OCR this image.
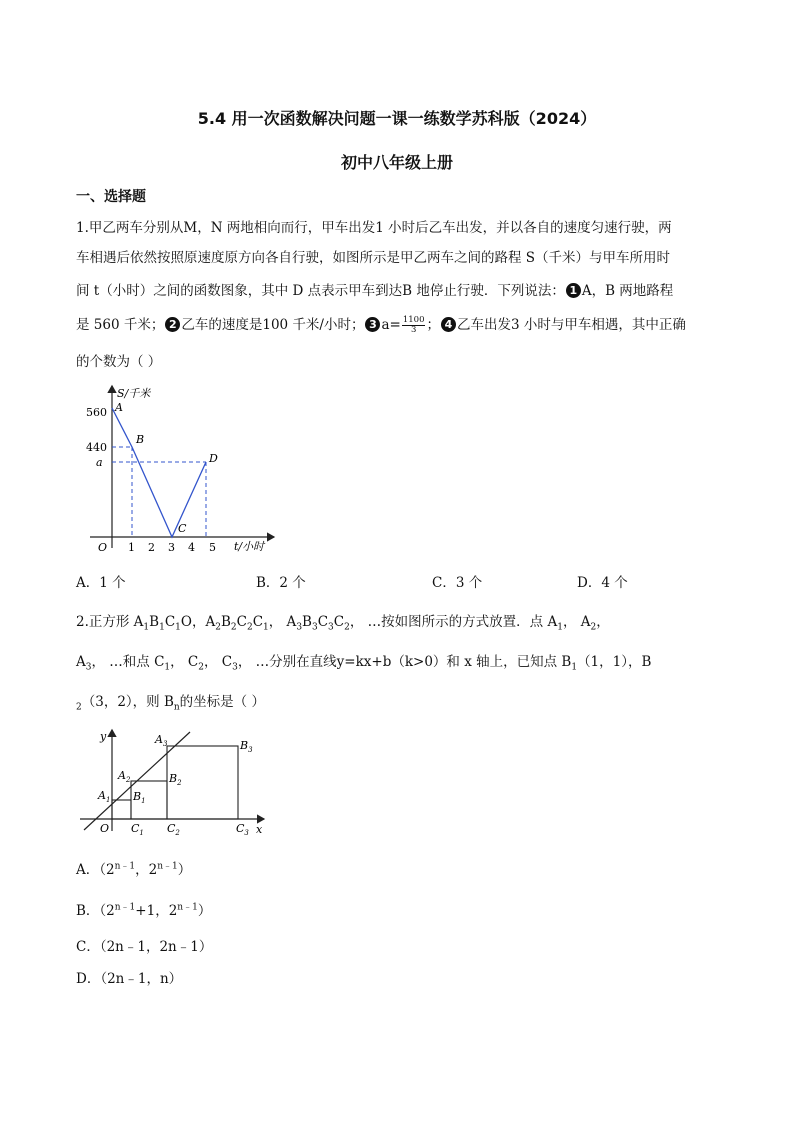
5.4 用一次函数解决问题一课一练数学苏科版（2024）
初中八年级上册
一、选择题
1.甲乙两车分别从M，N 两地相向而行，甲车出发1 小时后乙车出发，并以各自的速度匀速行驶，两
车相遇后依然按照原速度原方向各自行驶，如图所示是甲乙两车之间的路程 S（千米）与甲车所用时
间 t（小时）之间的函数图象，其中 D 点表示甲车到达B 地停止行驶．下列说法： 1 A，B 两地路程
是 560 千米； 2 乙车的速度是100 千米/小时； 3 $a= \frac{1100}{3}$ ； 4 乙车出发3 小时与甲车相遇，其中正确
的个数为（ ）
S/千米
t/小时
560
440
a
O 1 2 3 4 5
A
B
C
D
A．1 个	B．2 个	C．3 个	D．4 个
2.正方形 $A_1B_1C_1O$，$A_2B_2C_2C_1$， $A_3B_3C_3C_2$， …按如图所示的方式放置．点 $A_1$， $A_2$，
$A_3$， …和点 $C_1$， $C_2$， $C_3$， …分别在直线y=kx+b（k>0）和 x 轴上，已知点 $B_1(1$，1），B
$_2$（3，2），则 $B_n$的坐标是（ ）
y
x
O
$A_1$
$A_2$
$A_3$
$B_1$
$B_2$
$B_3$
$C_1$ $C_2$	$C_3$
A．（$2^{n﹣1}$，$2^{n﹣1}$）
B．（$2^{n﹣1}+1$，$2^{n﹣1}$）
C．（2n﹣1，2n﹣1）
D．（2n﹣1，n）
